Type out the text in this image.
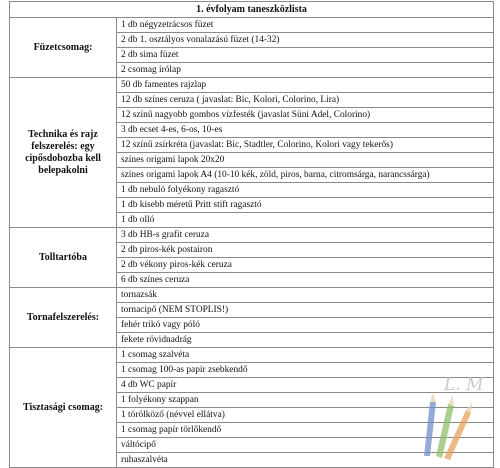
1. évfolyam taneszközlista	
Füzetcsomag:	1 db négyzetrácsos füzet
	2 db 1. osztályos vonalazású füzet (14-32)
	2 db sima füzet
	2 csomag írólap
Technika és rajz felszerelés: egy cipősdobozba kell belepakolni	50 db famentes rajzlap
	12 db színes ceruza ( javaslat: Bic, Kolori, Colorino, Lira)
	12 színű nagyobb gombos vízfesték (javaslat Süni Adel, Colorino)
	3 db ecset 4-es, 6-os, 10-es
	12 színű zsírkréta (javaslat: Bic, Stadtler, Colorino, Kolori vagy tekerős)
	színes origami lapok 20x20
	színes origami lapok A4 (10-10 kék, zöld, piros, barna, citromsárga, narancssárga)
	1 db nebuló folyékony ragasztó
	1 db kisebb méretű Pritt stift ragasztó
	1 db olló
Tolltartóba	3 db HB-s grafit ceruza
	2 db piros-kék postairon
	2 db vékony piros-kék ceruza
	6 db színes ceruza
Tornafelszerelés:	tornazsák
	tornacipő (NEM STOPLIS!)
	fehér trikó vagy póló
	fekete rövidnadrág
Tisztasági csomag:	1 csomag szalvéta
	1 csomag 100-as papír zsebkendő
	4 db WC papír
	1 folyékony szappan
	1 törölköző (névvel ellátva)
	1 csomag papír törlőkendő
	váltócipő
	ruhaszalvéta
L. M
